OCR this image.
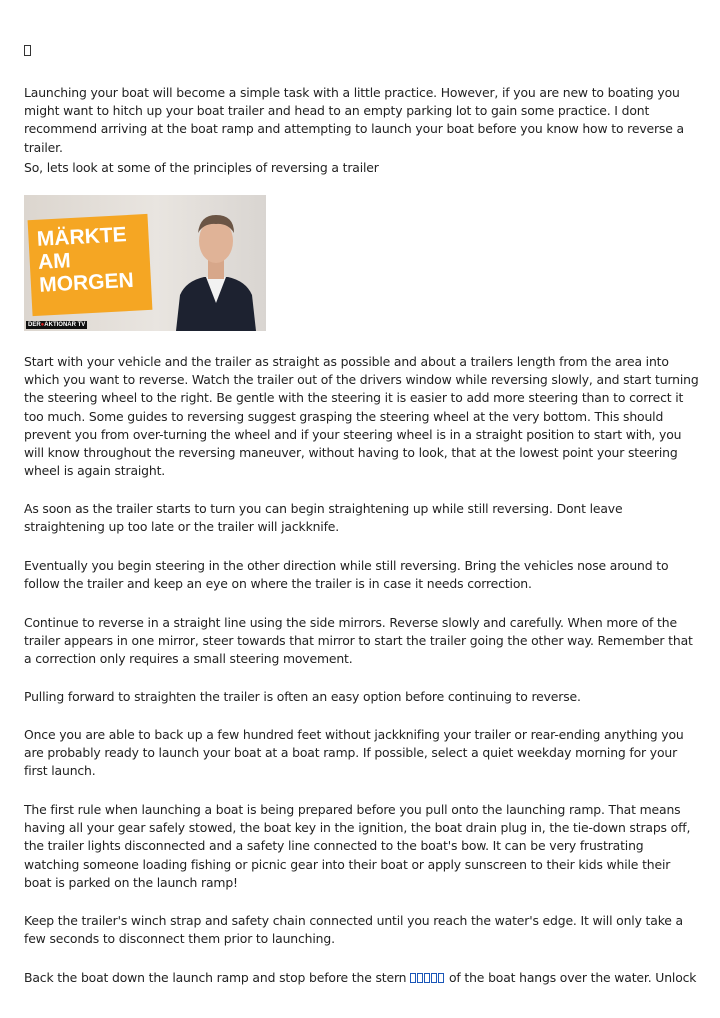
Launching your boat will become a simple task with a little practice. However, if you are new to boating you might want to hitch up your boat trailer and head to an empty parking lot to gain some practice. I dont recommend arriving at the boat ramp and attempting to launch your boat before you know how to reverse a trailer.

So, lets look at some of the principles of reversing a trailer

MÄRKTE
AM
MORGEN
DER●AKTIONÄR TV

Start with your vehicle and the trailer as straight as possible and about a trailers length from the area into which you want to reverse. Watch the trailer out of the drivers window while reversing slowly, and start turning the steering wheel to the right. Be gentle with the steering it is easier to add more steering than to correct it too much. Some guides to reversing suggest grasping the steering wheel at the very bottom. This should prevent you from over-turning the wheel and if your steering wheel is in a straight position to start with, you will know throughout the reversing maneuver, without having to look, that at the lowest point your steering wheel is again straight.

As soon as the trailer starts to turn you can begin straightening up while still reversing. Dont leave straightening up too late or the trailer will jackknife.

Eventually you begin steering in the other direction while still reversing. Bring the vehicles nose around to follow the trailer and keep an eye on where the trailer is in case it needs correction.

Continue to reverse in a straight line using the side mirrors. Reverse slowly and carefully. When more of the trailer appears in one mirror, steer towards that mirror to start the trailer going the other way. Remember that a correction only requires a small steering movement.

Pulling forward to straighten the trailer is often an easy option before continuing to reverse.

Once you are able to back up a few hundred feet without jackknifing your trailer or rear-ending anything you are probably ready to launch your boat at a boat ramp. If possible, select a quiet weekday morning for your first launch.

The first rule when launching a boat is being prepared before you pull onto the launching ramp. That means having all your gear safely stowed, the boat key in the ignition, the boat drain plug in, the tie-down straps off, the trailer lights disconnected and a safety line connected to the boat's bow. It can be very frustrating watching someone loading fishing or picnic gear into their boat or apply sunscreen to their kids while their boat is parked on the launch ramp!

Keep the trailer's winch strap and safety chain connected until you reach the water's edge. It will only take a few seconds to disconnect them prior to launching.

Back the boat down the launch ramp and stop before the stern	of the boat hangs over the water. Unlock
